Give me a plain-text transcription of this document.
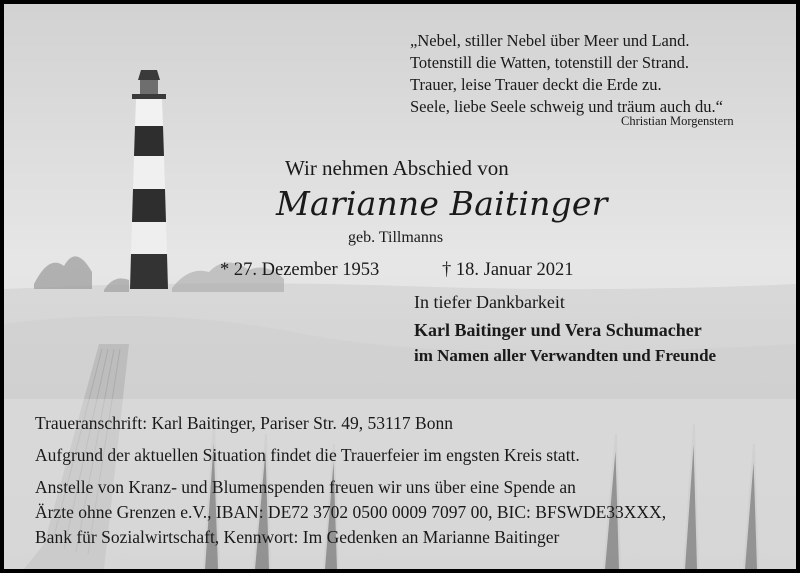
„Nebel, stiller Nebel über Meer und Land.
Totenstill die Watten, totenstill der Strand.
Trauer, leise Trauer deckt die Erde zu.
Seele, liebe Seele schweig und träum auch du.“
Christian Morgenstern
Wir nehmen Abschied von
Marianne Baitinger
geb. Tillmanns
* 27. Dezember 1953	† 18. Januar 2021
In tiefer Dankbarkeit
Karl Baitinger und Vera Schumacher
im Namen aller Verwandten und Freunde
Traueranschrift: Karl Baitinger, Pariser Str. 49, 53117 Bonn
Aufgrund der aktuellen Situation findet die Trauerfeier im engsten Kreis statt.
Anstelle von Kranz- und Blumenspenden freuen wir uns über eine Spende an
Ärzte ohne Grenzen e.V., IBAN: DE72 3702 0500 0009 7097 00, BIC: BFSWDE33XXX,
Bank für Sozialwirtschaft, Kennwort: Im Gedenken an Marianne Baitinger
